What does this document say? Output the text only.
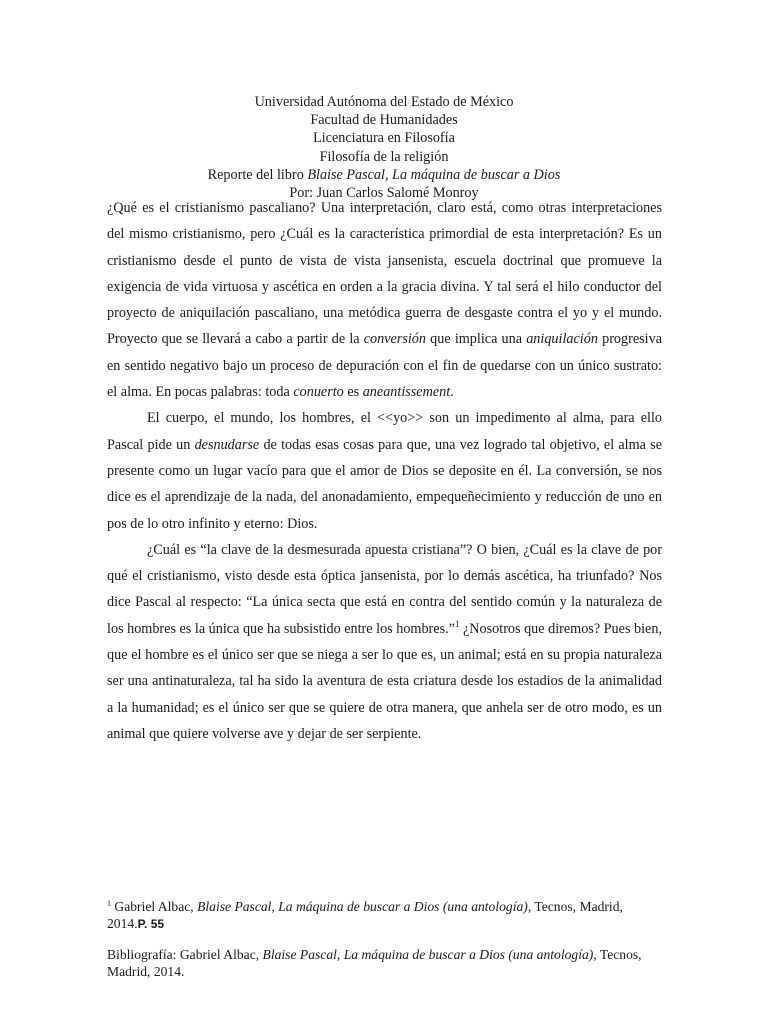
Universidad Autónoma del Estado de México
Facultad de Humanidades
Licenciatura en Filosofía
Filosofía de la religión
Reporte del libro Blaise Pascal, La máquina de buscar a Dios
Por: Juan Carlos Salomé Monroy

¿Qué es el cristianismo pascaliano? Una interpretación, claro está, como otras interpretaciones del mismo cristianismo, pero ¿Cuál es la característica primordial de esta interpretación? Es un cristianismo desde el punto de vista de vista jansenista, escuela doctrinal que promueve la exigencia de vida virtuosa y ascética en orden a la gracia divina. Y tal será el hilo conductor del proyecto de aniquilación pascaliano, una metódica guerra de desgaste contra el yo y el mundo. Proyecto que se llevará a cabo a partir de la conversión que implica una aniquilación progresiva en sentido negativo bajo un proceso de depuración con el fin de quedarse con un único sustrato: el alma. En pocas palabras: toda conuerto es aneantissement.

El cuerpo, el mundo, los hombres, el <<yo>> son un impedimento al alma, para ello Pascal pide un desnudarse de todas esas cosas para que, una vez logrado tal objetivo, el alma se presente como un lugar vacío para que el amor de Dios se deposite en él. La conversión, se nos dice es el aprendizaje de la nada, del anonadamiento, empequeñecimiento y reducción de uno en pos de lo otro infinito y eterno: Dios.

¿Cuál es “la clave de la desmesurada apuesta cristiana”? O bien, ¿Cuál es la clave de por qué el cristianismo, visto desde esta óptica jansenista, por lo demás ascética, ha triunfado? Nos dice Pascal al respecto: “La única secta que está en contra del sentido común y la naturaleza de los hombres es la única que ha subsistido entre los hombres.”$^1$ ¿Nosotros que diremos? Pues bien, que el hombre es el único ser que se niega a ser lo que es, un animal; está en su propia naturaleza ser una antinaturaleza, tal ha sido la aventura de esta criatura desde los estadios de la animalidad a la humanidad; es el único ser que se quiere de otra manera, que anhela ser de otro modo, es un animal que quiere volverse ave y dejar de ser serpiente.

$^1$ Gabriel Albac, Blaise Pascal, La máquina de buscar a Dios (una antología), Tecnos, Madrid, 2014.P. 55
Bibliografía: Gabriel Albac, Blaise Pascal, La máquina de buscar a Dios (una antología), Tecnos, Madrid, 2014.
